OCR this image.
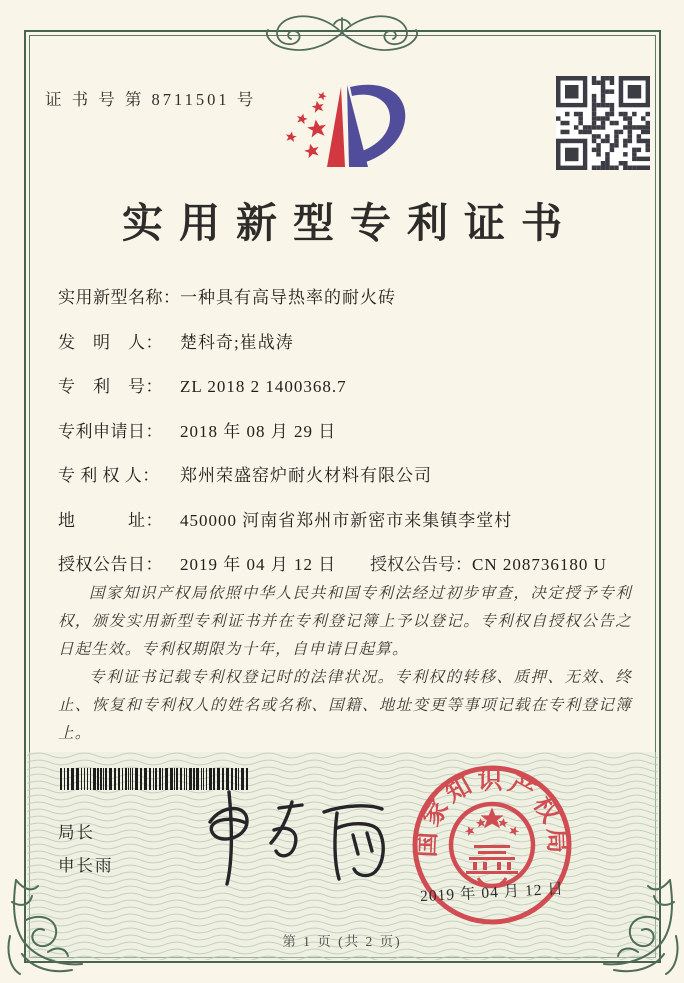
证 书 号 第 8711501 号
实用新型专利证书
实用新型名称：一种具有高导热率的耐火砖
发　明　人： 楚科奇;崔战涛
专　利　号： ZL 2018 2 1400368.7
专利申请日： 2018 年 08 月 29 日
专 利 权 人： 郑州荣盛窑炉耐火材料有限公司
地　　　址： 450000 河南省郑州市新密市来集镇李堂村
授权公告日： 2019 年 04 月 12 日 授权公告号：CN 208736180 U

国家知识产权局依照中华人民共和国专利法经过初步审查，决定授予专利权，颁发实用新型专利证书并在专利登记簿上予以登记。专利权自授权公告之日起生效。专利权期限为十年，自申请日起算。

专利证书记载专利权登记时的法律状况。专利权的转移、质押、无效、终止、恢复和专利权人的姓名或名称、国籍、地址变更等事项记载在专利登记簿上。

局长
申长雨
国家知识产权局
2019 年 04 月 12 日
第 1 页 (共 2 页)
